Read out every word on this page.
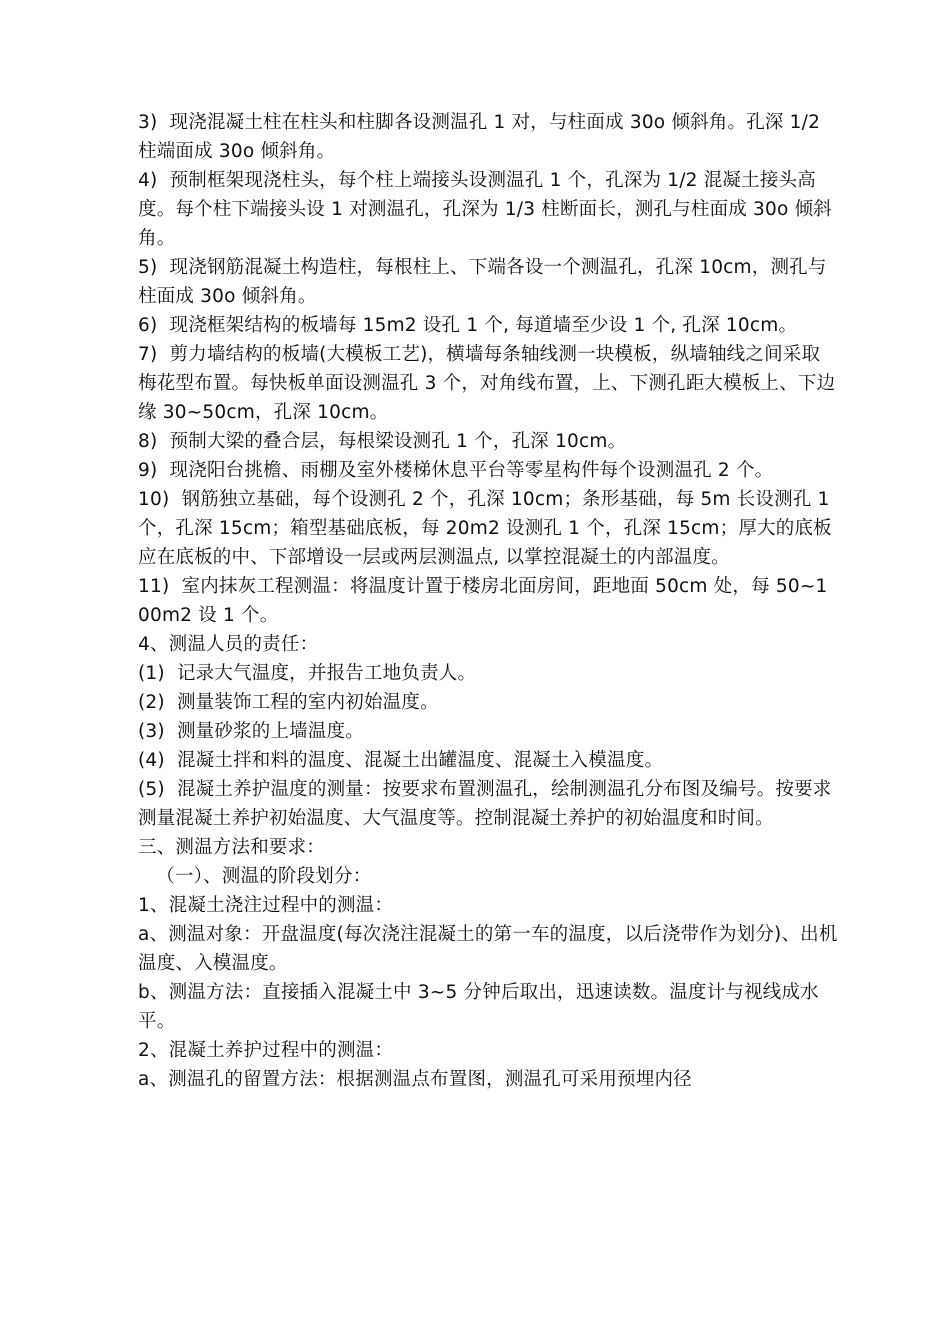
3)  现浇混凝土柱在柱头和柱脚各设测温孔 1 对，与柱面成 30o 倾斜角。孔深 1/2 柱端面成 30o 倾斜角。

4)  预制框架现浇柱头，每个柱上端接头设测温孔 1 个，孔深为 1/2 混凝土接头高度。每个柱下端接头设 1 对测温孔，孔深为 1/3 柱断面长，测孔与柱面成 30o 倾斜角。

5)  现浇钢筋混凝土构造柱，每根柱上、下端各设一个测温孔，孔深 10cm，测孔与柱面成 30o 倾斜角。

6)  现浇框架结构的板墙每 15m2 设孔 1 个, 每道墙至少设 1 个, 孔深 10cm。

7)  剪力墙结构的板墙(大模板工艺)，横墙每条轴线测一块模板，纵墙轴线之间采取梅花型布置。每快板单面设测温孔 3 个，对角线布置，上、下测孔距大模板上、下边缘 30~50cm，孔深 10cm。

8)  预制大梁的叠合层，每根梁设测孔 1 个，孔深 10cm。

9)  现浇阳台挑檐、雨棚及室外楼梯休息平台等零星构件每个设测温孔 2 个。

10)  钢筋独立基础，每个设测孔 2 个，孔深 10cm；条形基础，每 5m 长设测孔 1 个，孔深 15cm；箱型基础底板，每 20m2 设测孔 1 个，孔深 15cm；厚大的底板应在底板的中、下部增设一层或两层测温点, 以掌控混凝土的内部温度。

11)  室内抹灰工程测温：将温度计置于楼房北面房间，距地面 50cm 处，每 50~100m2 设 1 个。

4、测温人员的责任：

(1)  记录大气温度，并报告工地负责人。

(2)  测量装饰工程的室内初始温度。

(3)  测量砂浆的上墙温度。

(4)  混凝土拌和料的温度、混凝土出罐温度、混凝土入模温度。

(5)  混凝土养护温度的测量：按要求布置测温孔，绘制测温孔分布图及编号。按要求测量混凝土养护初始温度、大气温度等。控制混凝土养护的初始温度和时间。

三、测温方法和要求：

（一）、测温的阶段划分：

1、混凝土浇注过程中的测温：

a、测温对象：开盘温度(每次浇注混凝土的第一车的温度，以后浇带作为划分)、出机温度、入模温度。

b、测温方法：直接插入混凝土中 3~5 分钟后取出，迅速读数。温度计与视线成水平。

2、混凝土养护过程中的测温：

a、测温孔的留置方法：根据测温点布置图，测温孔可采用预埋内径
